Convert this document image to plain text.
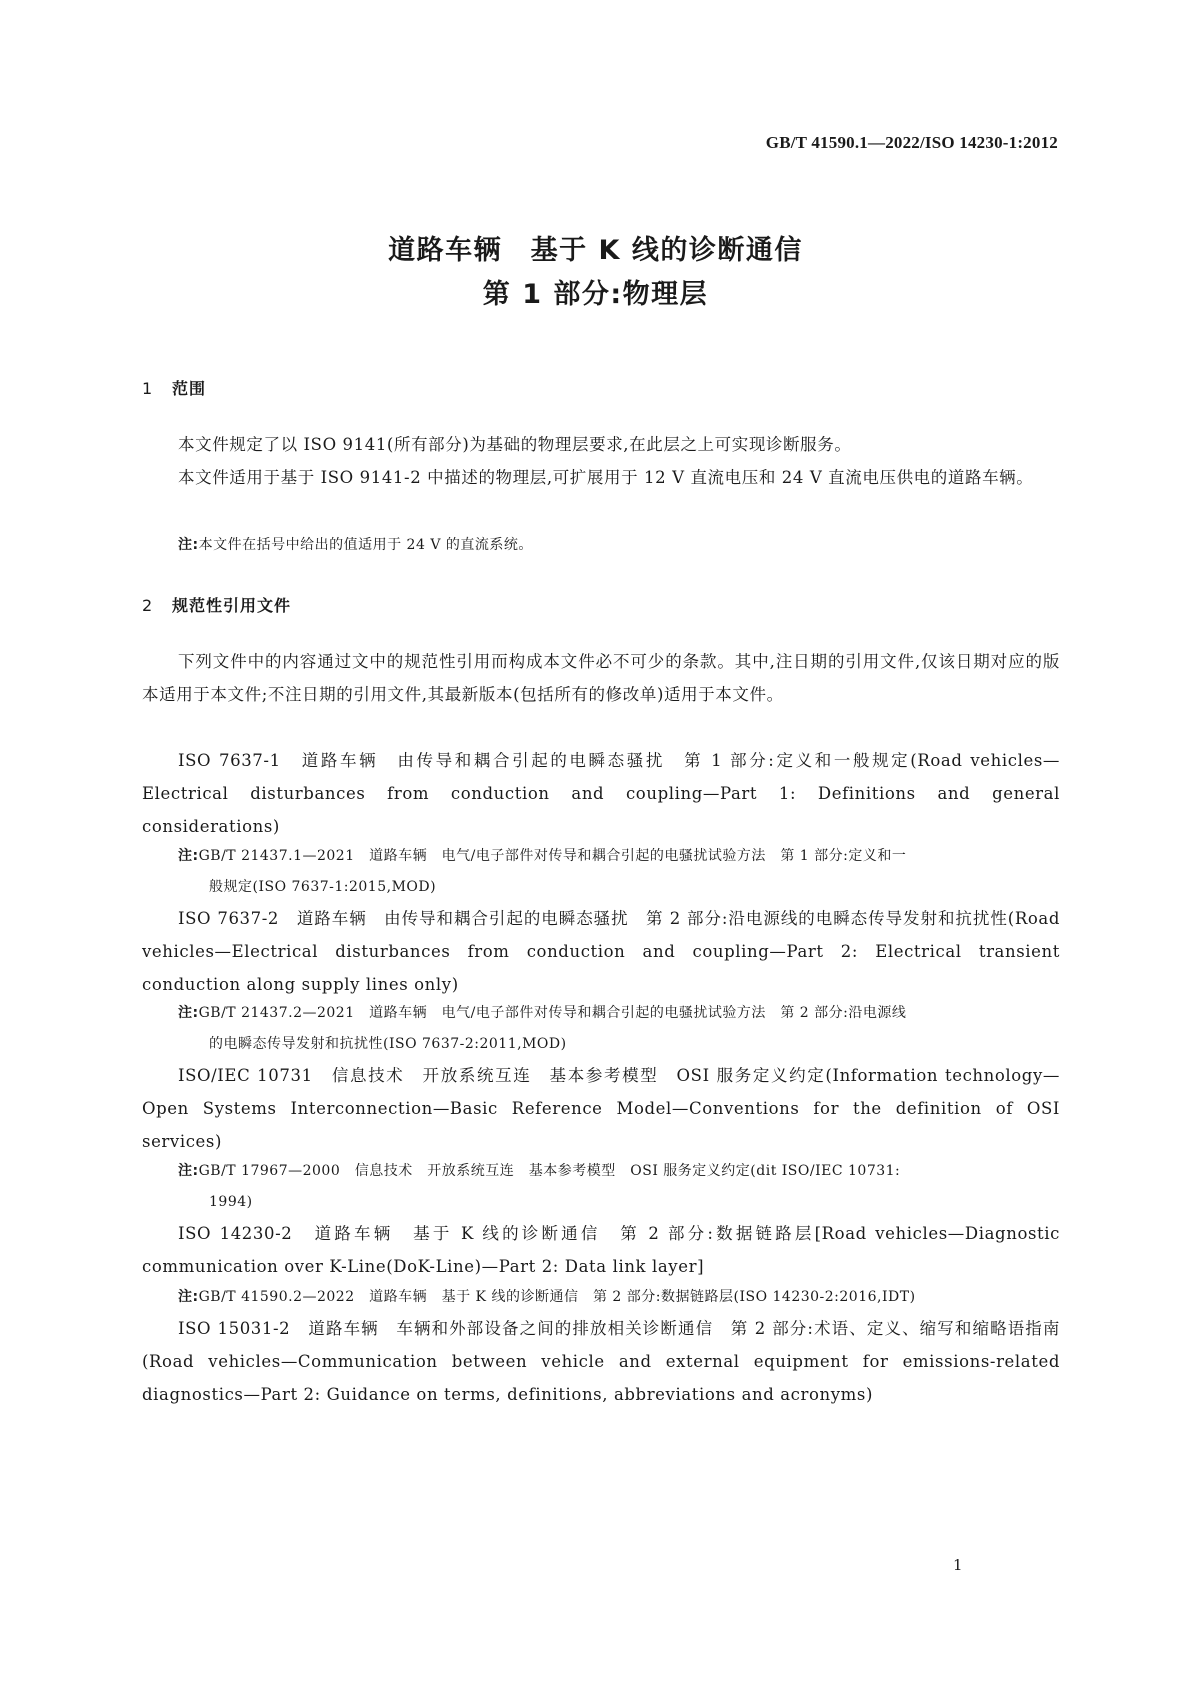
GB/T 41590.1—2022/ISO 14230-1:2012
道路车辆　基于 K 线的诊断通信
第 1 部分:物理层
1 范围
本文件规定了以 ISO 9141(所有部分)为基础的物理层要求,在此层之上可实现诊断服务。
本文件适用于基于 ISO 9141-2 中描述的物理层,可扩展用于 12 V 直流电压和 24 V 直流电压供电的道路车辆。
注:本文件在括号中给出的值适用于 24 V 的直流系统。
2 规范性引用文件
下列文件中的内容通过文中的规范性引用而构成本文件必不可少的条款。其中,注日期的引用文件,仅该日期对应的版本适用于本文件;不注日期的引用文件,其最新版本(包括所有的修改单)适用于本文件。
ISO 7637-1　道路车辆　由传导和耦合引起的电瞬态骚扰　第 1 部分:定义和一般规定(Road vehicles—Electrical disturbances from conduction and coupling—Part 1: Definitions and general considerations)
注:GB/T 21437.1—2021　道路车辆　电气/电子部件对传导和耦合引起的电骚扰试验方法　第 1 部分:定义和一
般规定(ISO 7637-1:2015,MOD)
ISO 7637-2　道路车辆　由传导和耦合引起的电瞬态骚扰　第 2 部分:沿电源线的电瞬态传导发射和抗扰性(Road vehicles—Electrical disturbances from conduction and coupling—Part 2: Electrical transient conduction along supply lines only)
注:GB/T 21437.2—2021　道路车辆　电气/电子部件对传导和耦合引起的电骚扰试验方法　第 2 部分:沿电源线
的电瞬态传导发射和抗扰性(ISO 7637-2:2011,MOD)
ISO/IEC 10731　信息技术　开放系统互连　基本参考模型　OSI 服务定义约定(Information technology—Open Systems Interconnection—Basic Reference Model—Conventions for the definition of OSI services)
注:GB/T 17967—2000　信息技术　开放系统互连　基本参考模型　OSI 服务定义约定(dit ISO/IEC 10731:
1994)
ISO 14230-2　道路车辆　基于 K 线的诊断通信　第 2 部分:数据链路层[Road vehicles—Diagnostic communication over K-Line(DoK-Line)—Part 2: Data link layer]
注:GB/T 41590.2—2022　道路车辆　基于 K 线的诊断通信　第 2 部分:数据链路层(ISO 14230-2:2016,IDT)
ISO 15031-2　道路车辆　车辆和外部设备之间的排放相关诊断通信　第 2 部分:术语、定义、缩写和缩略语指南(Road vehicles—Communication between vehicle and external equipment for emissions-related diagnostics—Part 2: Guidance on terms, definitions, abbreviations and acronyms)
1
